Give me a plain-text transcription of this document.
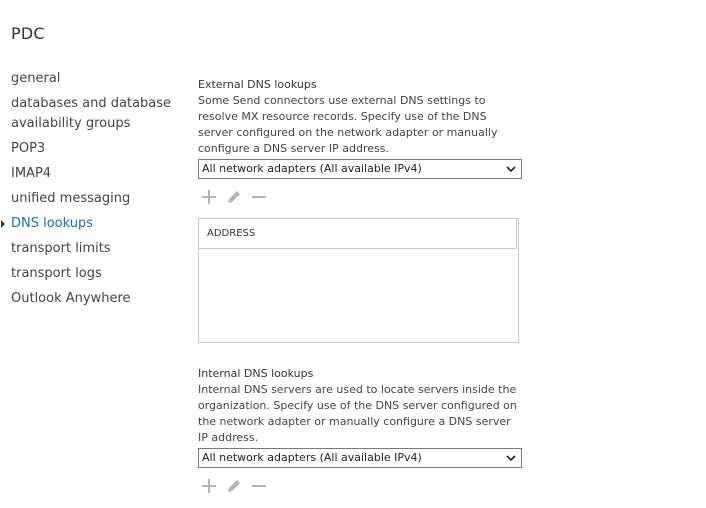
PDC
general
databases and database availability groups
POP3
IMAP4
unified messaging
DNS lookups
transport limits
transport logs
Outlook Anywhere
External DNS lookups
Some Send connectors use external DNS settings to resolve MX resource records. Specify use of the DNS server configured on the network adapter or manually configure a DNS server IP address.
All network adapters (All available IPv4)
ADDRESS
Internal DNS lookups
Internal DNS servers are used to locate servers inside the organization. Specify use of the DNS server configured on the network adapter or manually configure a DNS server IP address.
All network adapters (All available IPv4)
